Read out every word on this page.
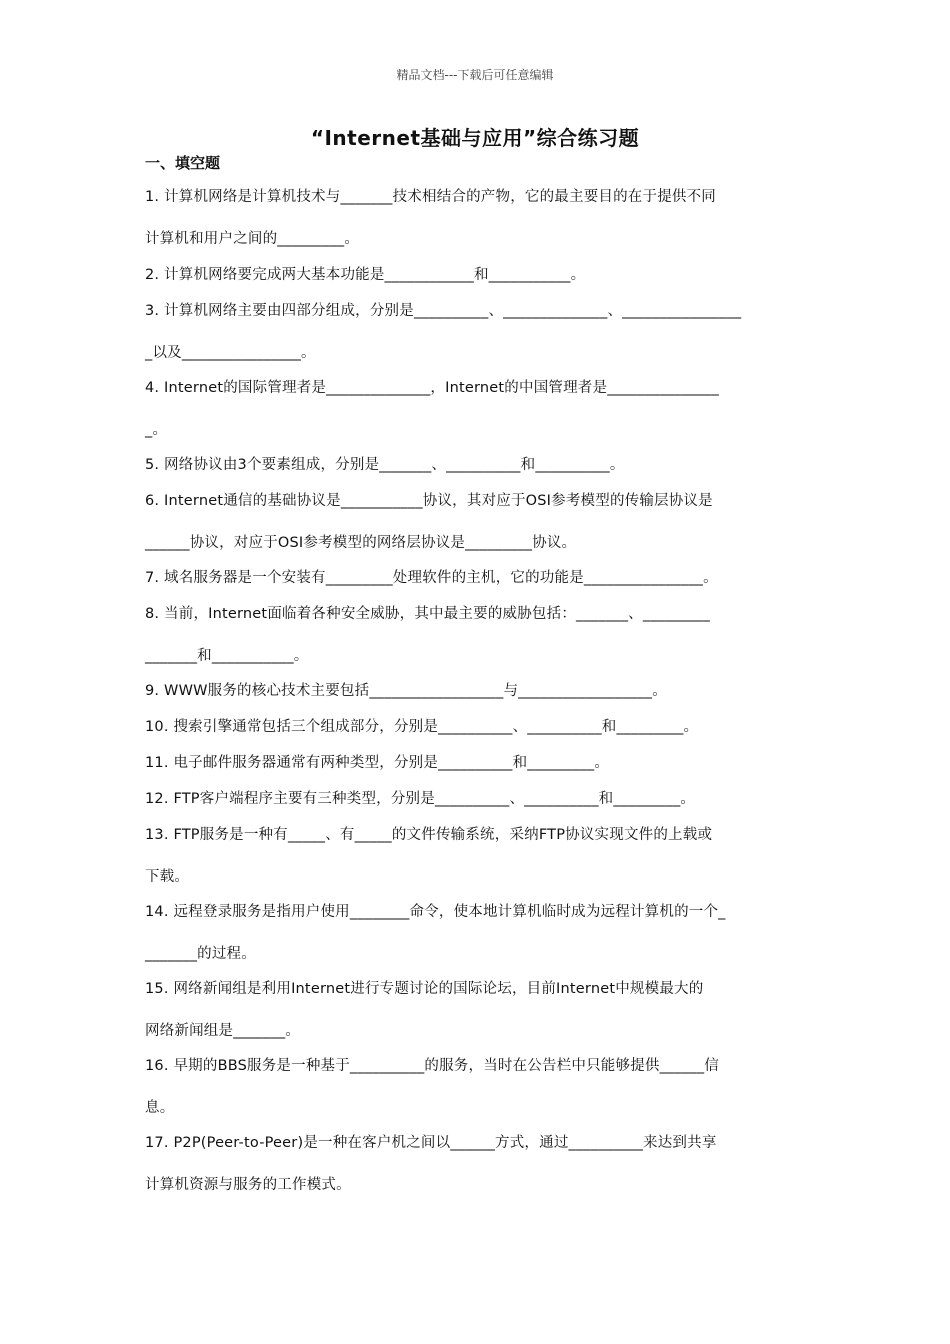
精品文档---下载后可任意编辑
“Internet基础与应用”综合练习题
一、填空题
1. 计算机网络是计算机技术与_______技术相结合的产物，它的最主要目的在于提供不同
计算机和用户之间的_________。
2. 计算机网络要完成两大基本功能是____________和___________。
3. 计算机网络主要由四部分组成，分别是__________、______________、________________
_以及________________。
4. Internet的国际管理者是______________，Internet的中国管理者是_______________
_。
5. 网络协议由3个要素组成，分别是_______、__________和__________。
6. Internet通信的基础协议是___________协议，其对应于OSI参考模型的传输层协议是
______协议，对应于OSI参考模型的网络层协议是_________协议。
7. 域名服务器是一个安装有_________处理软件的主机，它的功能是________________。
8. 当前，Internet面临着各种安全威胁，其中最主要的威胁包括：_______、_________
_______和___________。
9. WWW服务的核心技术主要包括__________________与__________________。
10. 搜索引擎通常包括三个组成部分，分别是__________、__________和_________。
11. 电子邮件服务器通常有两种类型，分别是__________和_________。
12. FTP客户端程序主要有三种类型，分别是__________、__________和_________。
13. FTP服务是一种有_____、有_____的文件传输系统，采纳FTP协议实现文件的上载或
下载。
14. 远程登录服务是指用户使用________命令，使本地计算机临时成为远程计算机的一个_
_______的过程。
15. 网络新闻组是利用Internet进行专题讨论的国际论坛，目前Internet中规模最大的
网络新闻组是_______。
16. 早期的BBS服务是一种基于__________的服务，当时在公告栏中只能够提供______信
息。
17. P2P(Peer-to-Peer)是一种在客户机之间以______方式，通过__________来达到共享
计算机资源与服务的工作模式。
